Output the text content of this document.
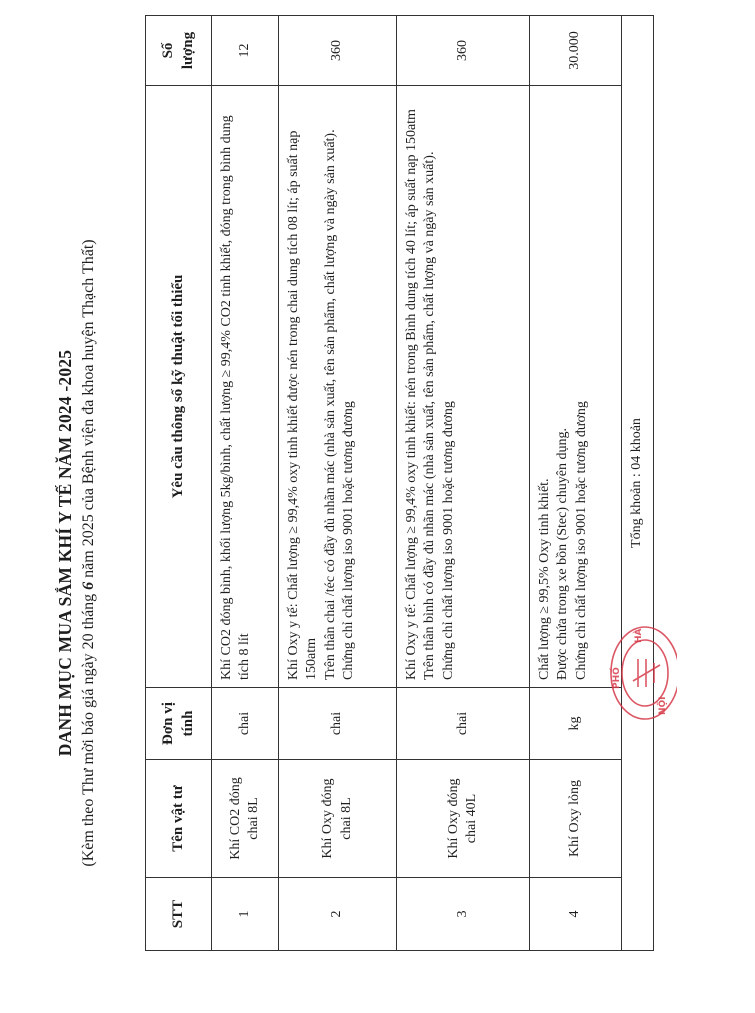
DANH MỤC MUA SẮM KHÍ Y TẾ NĂM 2024 -2025 (Kèm theo Thư mời báo giá ngày 20 tháng 6 năm 2025 của Bệnh viện đa khoa huyện Thạch Thất)
STT	Tên vật tư	Đơn vị tính	Yêu cầu thông số kỹ thuật tối thiểu	Số lượng
1	Khí CO2 đóng chai 8L	chai	Khí CO2 đóng bình, khối lượng 5kg/bình, chất lượng ≥ 99,4% CO2 tinh khiết, đóng trong bình dung tích 8 lít	12
2	Khí Oxy đóng chai 8L	chai	Khí Oxy y tế: Chất lượng ≥ 99,4% oxy tinh khiết được nén trong chai dung tích 08 lít; áp suất nạp 150atm Trên thân chai /téc có đầy đủ nhãn mác (nhà sản xuất, tên sản phẩm, chất lượng và ngày sản xuất). Chứng chỉ chất lượng iso 9001 hoặc tương đương	360
3	Khí Oxy đóng chai 40L	chai	Khí Oxy y tế: Chất lượng ≥ 99,4% oxy tinh khiết: nén trong Bình dung tích 40 lít; áp suất nạp 150atm Trên thân bình có đầy đủ nhãn mác (nhà sản xuất, tên sản phẩm, chất lượng và ngày sản xuất). Chứng chỉ chất lượng iso 9001 hoặc tương đương	360
4	Khí Oxy lỏng	kg	Chất lượng ≥ 99,5% Oxy tinh khiết. Được chứa trong xe bồn (Stec) chuyên dụng. Chứng chỉ chất lượng iso 9001 hoặc tương đương	30.000
Tổng khoản : 04 khoản				
PHỐ
HÀ
NỘI
